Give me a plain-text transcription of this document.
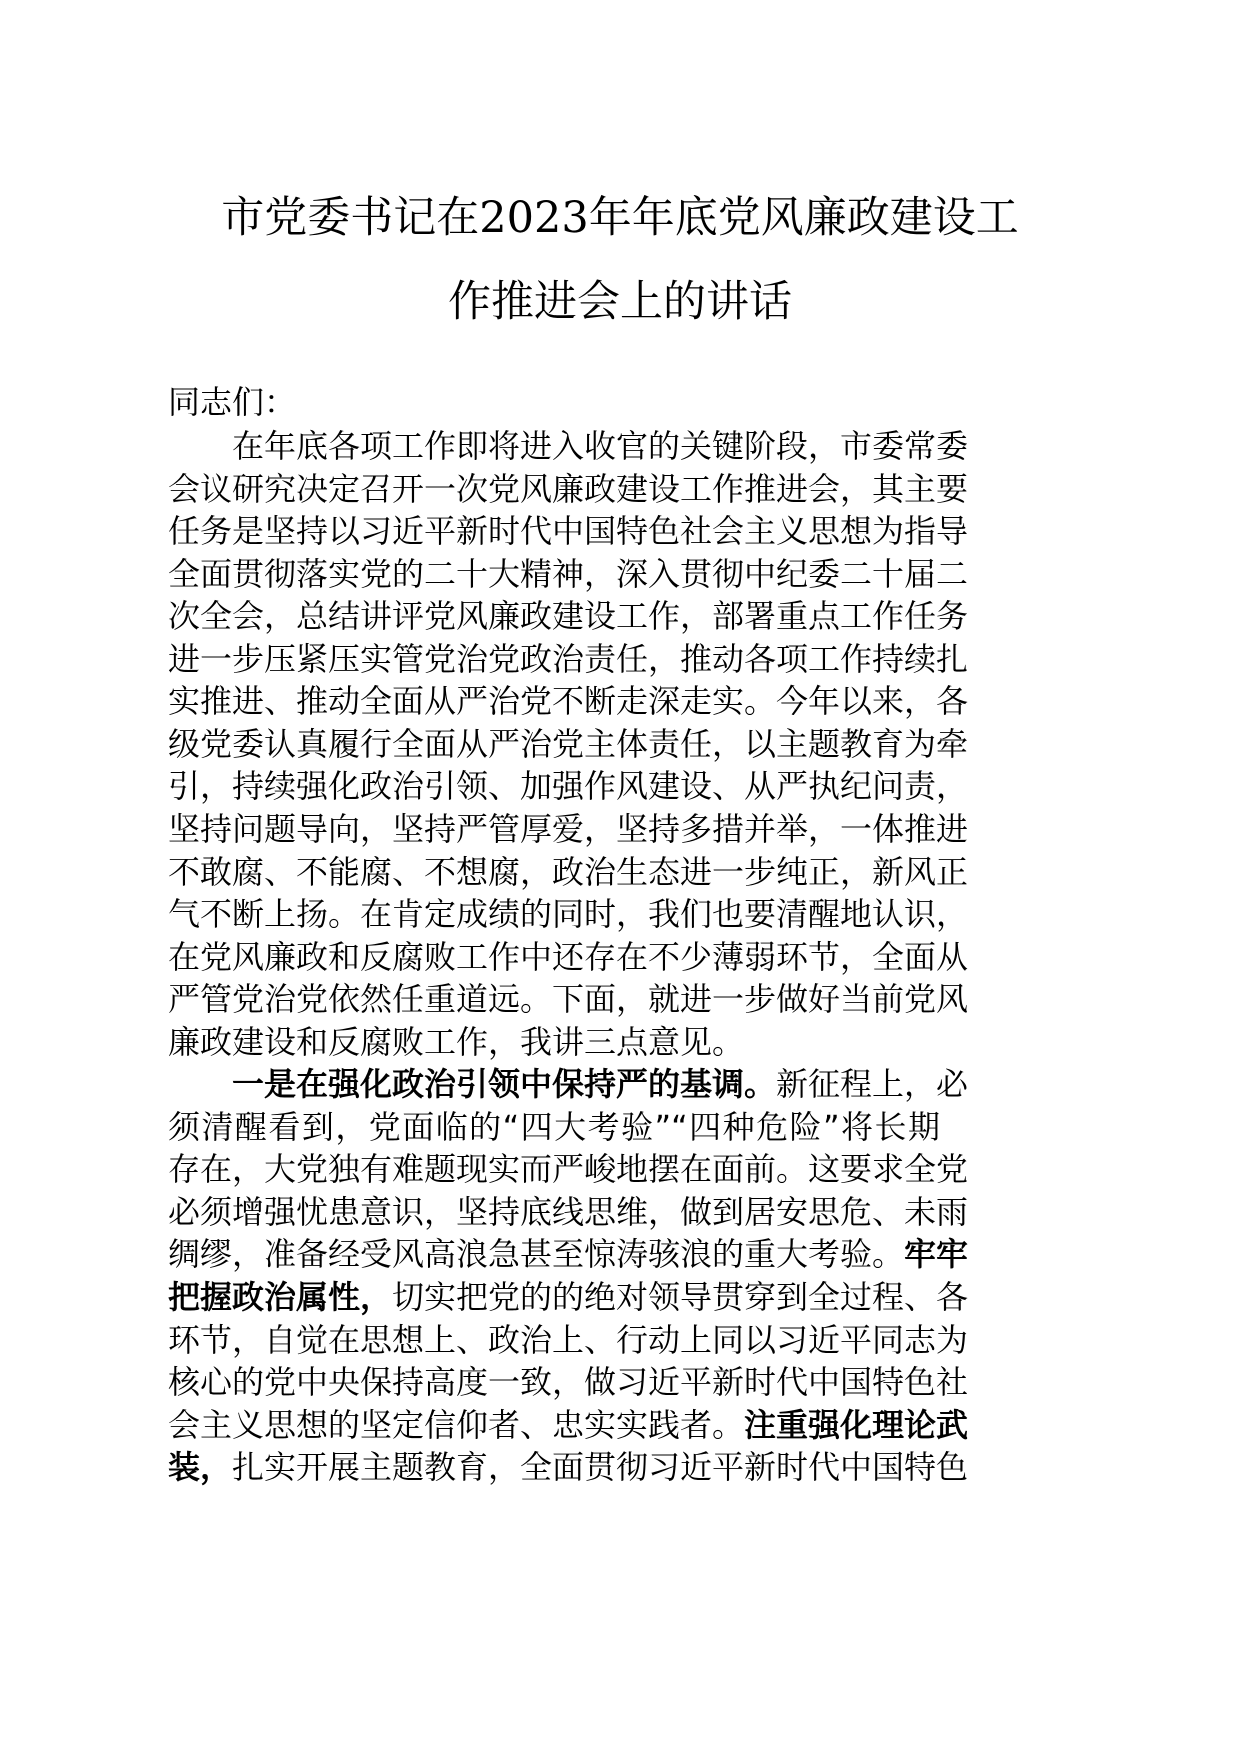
市党委书记在2023年年底党风廉政建设工
作推进会上的讲话
同志们：
在年底各项工作即将进入收官的关键阶段，市委常委
会议研究决定召开一次党风廉政建设工作推进会，其主要
任务是坚持以习近平新时代中国特色社会主义思想为指导
全面贯彻落实党的二十大精神，深入贯彻中纪委二十届二
次全会，总结讲评党风廉政建设工作，部署重点工作任务
进一步压紧压实管党治党政治责任，推动各项工作持续扎
实推进、推动全面从严治党不断走深走实。今年以来，各
级党委认真履行全面从严治党主体责任，以主题教育为牵
引，持续强化政治引领、加强作风建设、从严执纪问责，
坚持问题导向，坚持严管厚爱，坚持多措并举，一体推进
不敢腐、不能腐、不想腐，政治生态进一步纯正，新风正
气不断上扬。在肯定成绩的同时，我们也要清醒地认识，
在党风廉政和反腐败工作中还存在不少薄弱环节，全面从
严管党治党依然任重道远。下面，就进一步做好当前党风
廉政建设和反腐败工作，我讲三点意见。
一是在强化政治引领中保持严的基调。新征程上，必
须清醒看到，党面临的“四大考验”“四种危险”将长期
存在，大党独有难题现实而严峻地摆在面前。这要求全党
必须增强忧患意识，坚持底线思维，做到居安思危、未雨
绸缪，准备经受风高浪急甚至惊涛骇浪的重大考验。牢牢
把握政治属性，切实把党的的绝对领导贯穿到全过程、各
环节，自觉在思想上、政治上、行动上同以习近平同志为
核心的党中央保持高度一致，做习近平新时代中国特色社
会主义思想的坚定信仰者、忠实实践者。注重强化理论武
装，扎实开展主题教育，全面贯彻习近平新时代中国特色
